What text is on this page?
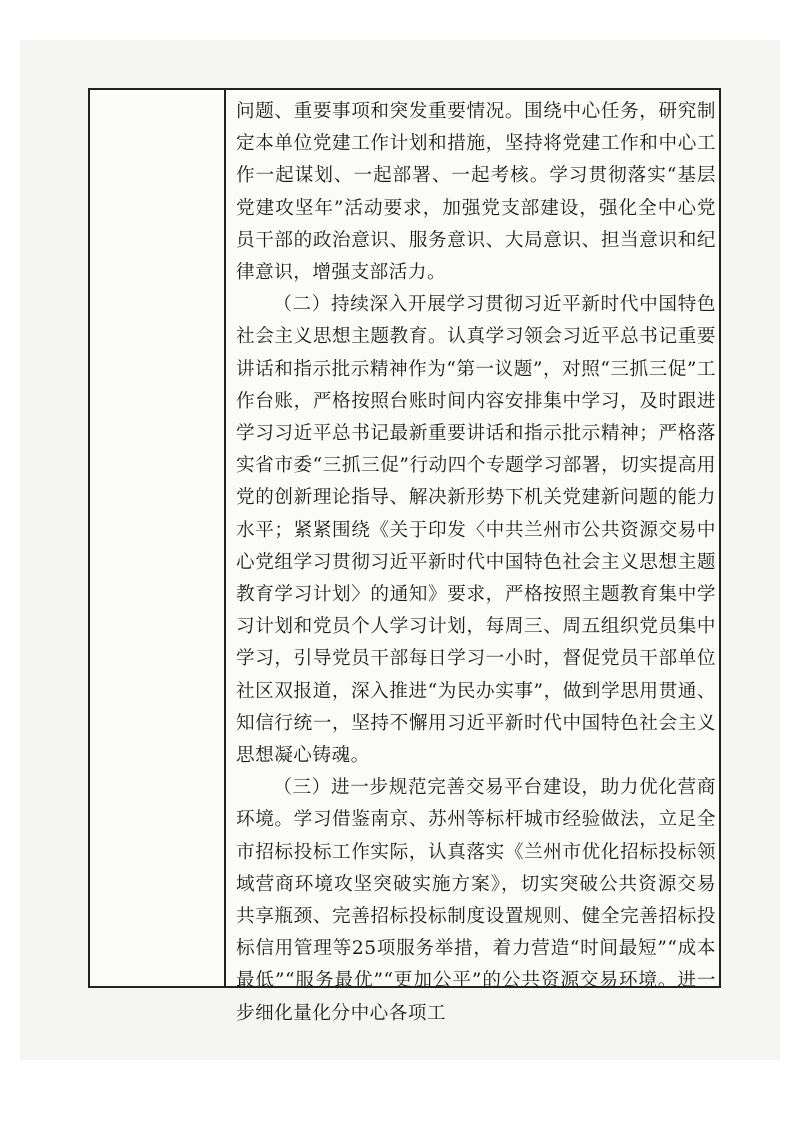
问题、重要事项和突发重要情况。围绕中心任务，研究制定本单位党建工作计划和措施，坚持将党建工作和中心工作一起谋划、一起部署、一起考核。学习贯彻落实“基层党建攻坚年”活动要求，加强党支部建设，强化全中心党员干部的政治意识、服务意识、大局意识、担当意识和纪律意识，增强支部活力。

（二）持续深入开展学习贯彻习近平新时代中国特色社会主义思想主题教育。认真学习领会习近平总书记重要讲话和指示批示精神作为“第一议题”，对照“三抓三促”工作台账，严格按照台账时间内容安排集中学习，及时跟进学习习近平总书记最新重要讲话和指示批示精神；严格落实省市委“三抓三促”行动四个专题学习部署，切实提高用党的创新理论指导、解决新形势下机关党建新问题的能力水平；紧紧围绕《关于印发〈中共兰州市公共资源交易中心党组学习贯彻习近平新时代中国特色社会主义思想主题教育学习计划〉的通知》要求，严格按照主题教育集中学习计划和党员个人学习计划，每周三、周五组织党员集中学习，引导党员干部每日学习一小时，督促党员干部单位社区双报道，深入推进“为民办实事”，做到学思用贯通、知信行统一，坚持不懈用习近平新时代中国特色社会主义思想凝心铸魂。

（三）进一步规范完善交易平台建设，助力优化营商环境。学习借鉴南京、苏州等标杆城市经验做法，立足全市招标投标工作实际，认真落实《兰州市优化招标投标领域营商环境攻坚突破实施方案》，切实突破公共资源交易共享瓶颈、完善招标投标制度设置规则、健全完善招标投标信用管理等25项服务举措，着力营造“时间最短”“成本最低”“服务最优”“更加公平”的公共资源交易环境。进一步细化量化分中心各项工
